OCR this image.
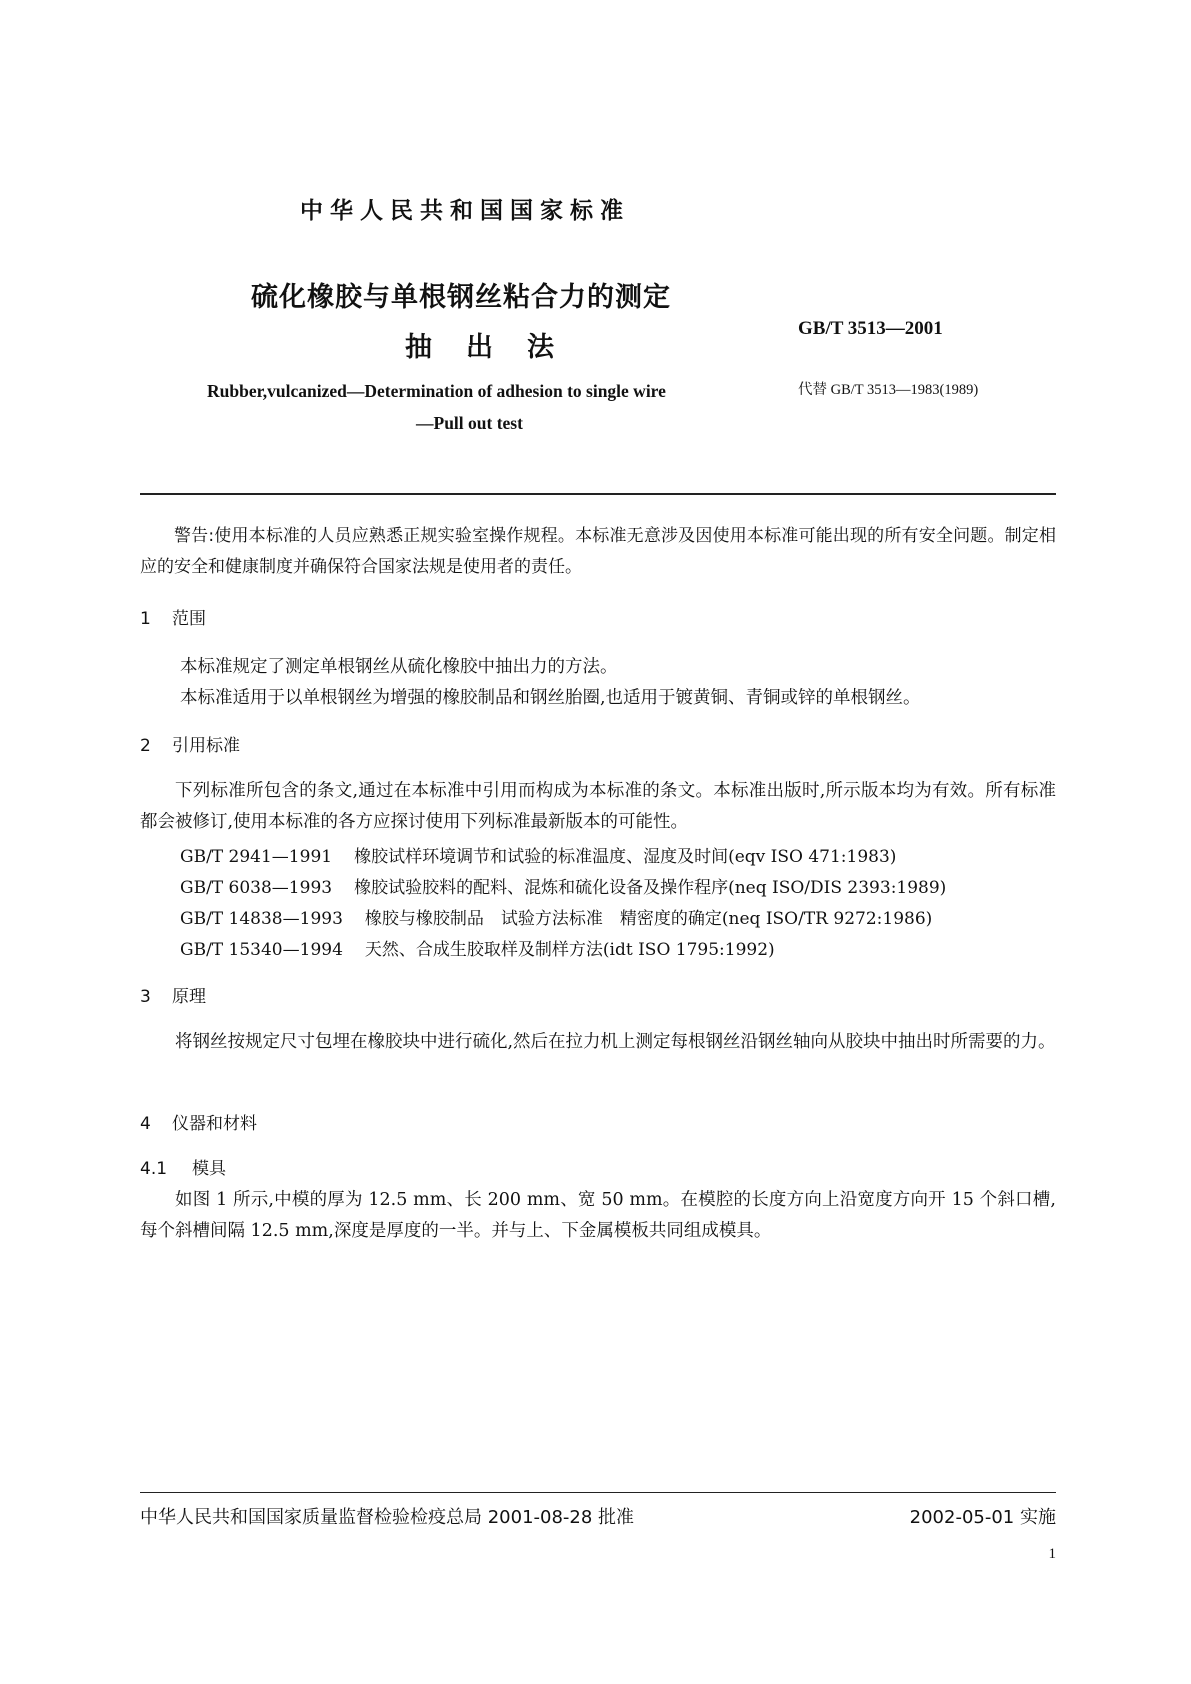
中华人民共和国国家标准
硫化橡胶与单根钢丝粘合力的测定
抽出法
GB/T 3513—2001
代替 GB/T 3513—1983(1989)
Rubber,vulcanized—Determination of adhesion to single wire
—Pull out test

警告:使用本标准的人员应熟悉正规实验室操作规程。本标准无意涉及因使用本标准可能出现的所有安全问题。制定相应的安全和健康制度并确保符合国家法规是使用者的责任。

1 范围
本标准规定了测定单根钢丝从硫化橡胶中抽出力的方法。
本标准适用于以单根钢丝为增强的橡胶制品和钢丝胎圈,也适用于镀黄铜、青铜或锌的单根钢丝。
2 引用标准

下列标准所包含的条文,通过在本标准中引用而构成为本标准的条文。本标准出版时,所示版本均为有效。所有标准都会被修订,使用本标准的各方应探讨使用下列标准最新版本的可能性。

GB/T 2941—1991 橡胶试样环境调节和试验的标准温度、湿度及时间(eqv ISO 471:1983)
GB/T 6038—1993 橡胶试验胶料的配料、混炼和硫化设备及操作程序(neq ISO/DIS 2393:1989)
GB/T 14838—1993 橡胶与橡胶制品　试验方法标准　精密度的确定(neq ISO/TR 9272:1986)
GB/T 15340—1994 天然、合成生胶取样及制样方法(idt ISO 1795:1992)
3 原理

将钢丝按规定尺寸包埋在橡胶块中进行硫化,然后在拉力机上测定每根钢丝沿钢丝轴向从胶块中抽出时所需要的力。

4 仪器和材料
4.1 模具

如图 1 所示,中模的厚为 12.5 mm、长 200 mm、宽 50 mm。在模腔的长度方向上沿宽度方向开 15 个斜口槽,每个斜槽间隔 12.5 mm,深度是厚度的一半。并与上、下金属模板共同组成模具。

中华人民共和国国家质量监督检验检疫总局 2001-08-28 批准	2002-05-01 实施
1
